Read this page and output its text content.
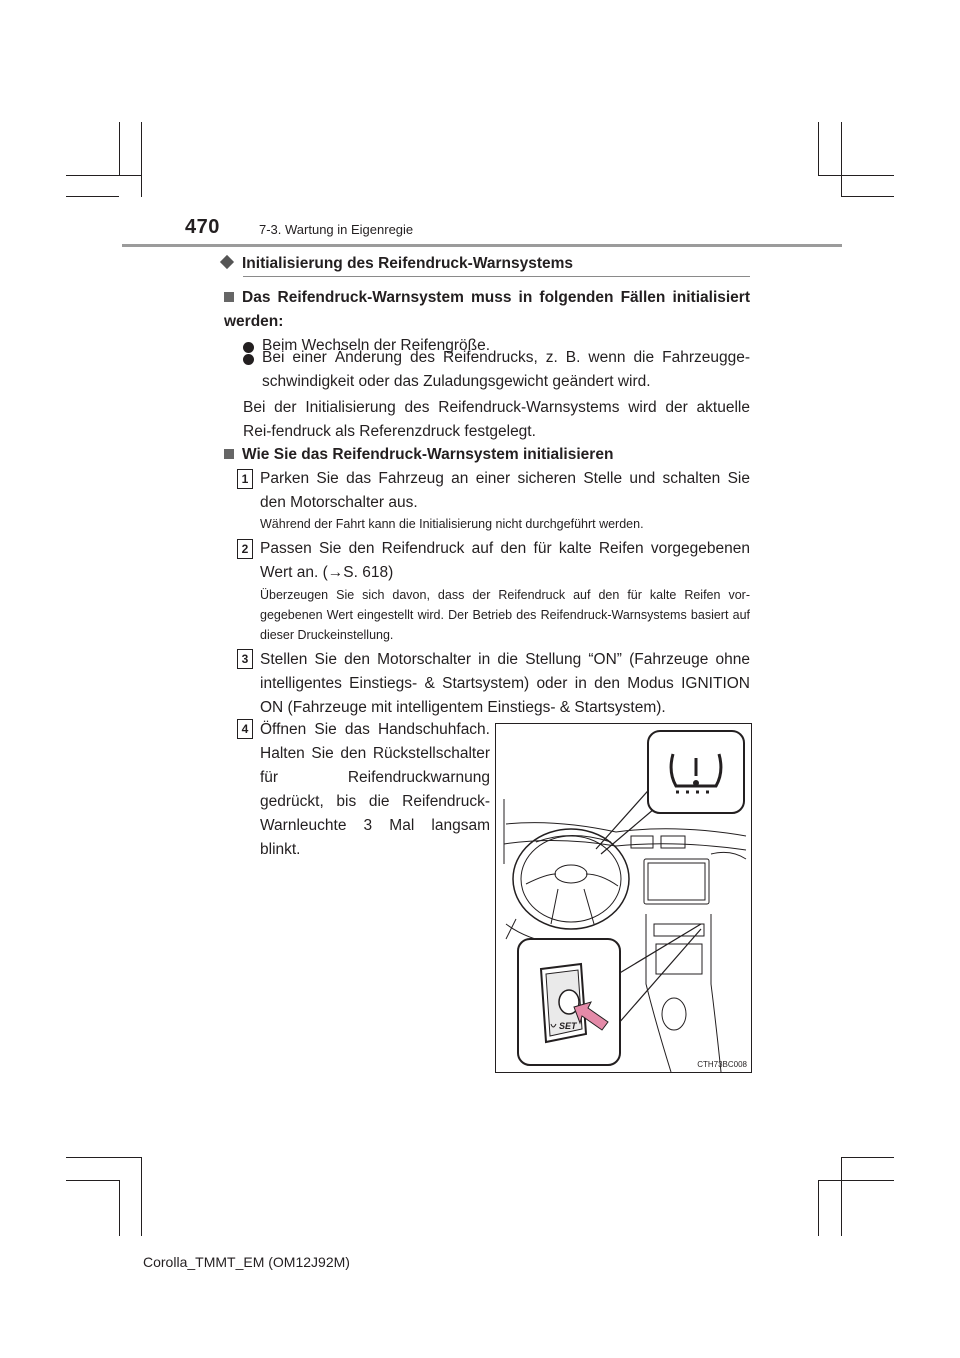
470	7-3. Wartung in Eigenregie
Initialisierung des Reifendruck-Warnsystems
Das Reifendruck-Warnsystem muss in folgenden Fällen initialisiert werden:
Beim Wechseln der Reifengröße.
Bei einer Änderung des Reifendrucks, z. B. wenn die Fahrzeugge-schwindigkeit oder das Zuladungsgewicht geändert wird.
Bei der Initialisierung des Reifendruck-Warnsystems wird der aktuelle Rei-fendruck als Referenzdruck festgelegt.
Wie Sie das Reifendruck-Warnsystem initialisieren
1 Parken Sie das Fahrzeug an einer sicheren Stelle und schalten Sie den Motorschalter aus.
Während der Fahrt kann die Initialisierung nicht durchgeführt werden.
2 Passen Sie den Reifendruck auf den für kalte Reifen vorgegebenen Wert an. (→S. 618)
Überzeugen Sie sich davon, dass der Reifendruck auf den für kalte Reifen vor-gegebenen Wert eingestellt wird. Der Betrieb des Reifendruck-Warnsystems basiert auf dieser Druckeinstellung.
3 Stellen Sie den Motorschalter in die Stellung “ON” (Fahrzeuge ohne intelligentes Einstiegs- & Startsystem) oder in den Modus IGNITION ON (Fahrzeuge mit intelligentem Einstiegs- & Startsystem).
4 Öffnen Sie das Handschuhfach. Halten Sie den Rückstellschalter für Reifendruckwarnung gedrückt, bis die Reifendruck-Warnleuchte 3 Mal langsam blinkt.
SET
CTH73BC008
Corolla_TMMT_EM (OM12J92M)
